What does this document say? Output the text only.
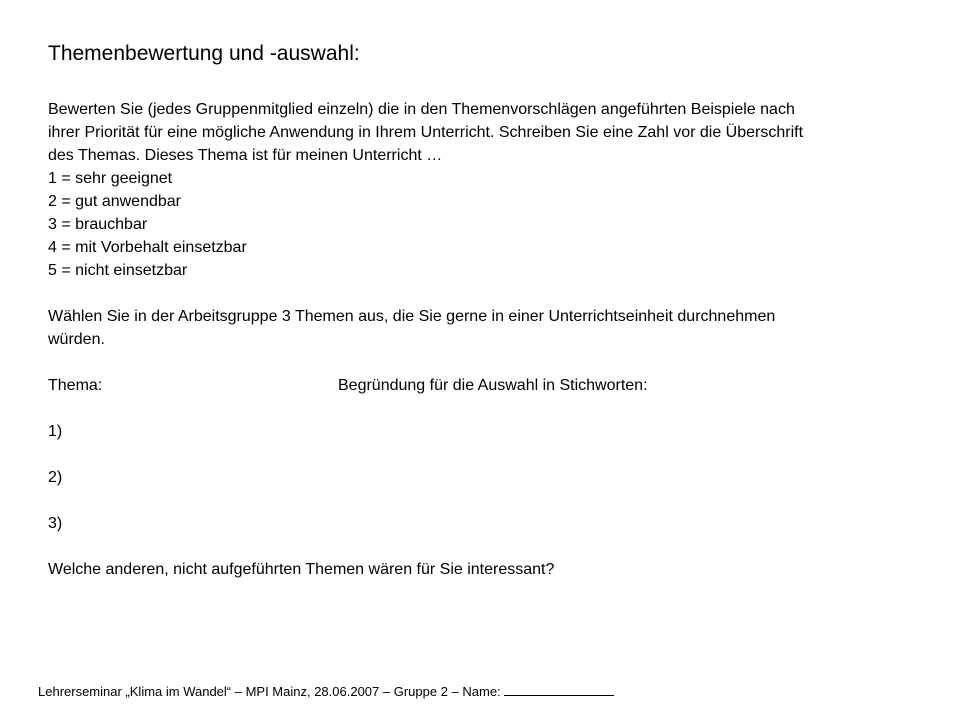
Themenbewertung und -auswahl:
Bewerten Sie (jedes Gruppenmitglied einzeln) die in den Themenvorschlägen angeführten Beispiele nach
ihrer Priorität für eine mögliche Anwendung in Ihrem Unterricht. Schreiben Sie eine Zahl vor die Überschrift
des Themas. Dieses Thema ist für meinen Unterricht …
1 = sehr geeignet
2 = gut anwendbar
3 = brauchbar
4 = mit Vorbehalt einsetzbar
5 = nicht einsetzbar
Wählen Sie in der Arbeitsgruppe 3 Themen aus, die Sie gerne in einer Unterrichtseinheit durchnehmen
würden.
Thema:	Begründung für die Auswahl in Stichworten:
1)
2)
3)
Welche anderen, nicht aufgeführten Themen wären für Sie interessant?
Lehrerseminar „Klima im Wandel“ – MPI Mainz, 28.06.2007 – Gruppe 2 – Name:
